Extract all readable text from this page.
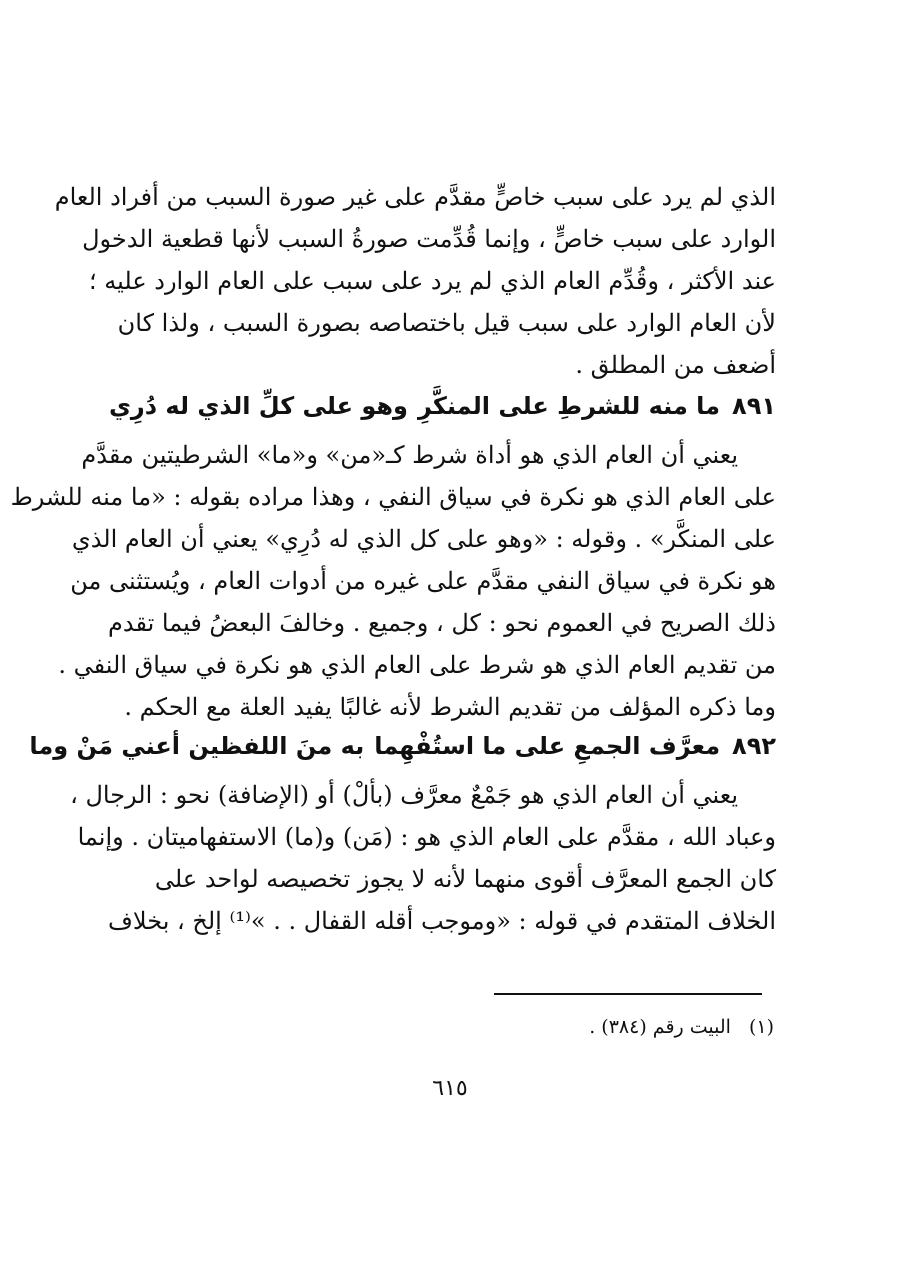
الذي لم يرد على سبب خاصٍّ مقدَّم على غير صورة السبب من أفراد العام
الوارد على سبب خاصٍّ ، وإنما قُدِّمت صورةُ السبب لأنها قطعية الدخول
عند الأكثر ، وقُدِّم العام الذي لم يرد على سبب على العام الوارد عليه ؛
لأن العام الوارد على سبب قيل باختصاصه بصورة السبب ، ولذا كان
أضعف من المطلق .
٨٩١
ما منه للشرطِ على المنكَّرِ
وهو على كلِّ الذي له دُرِي
يعني أن العام الذي هو أداة شرط كـ«من» و«ما» الشرطيتين مقدَّم
على العام الذي هو نكرة في سياق النفي ، وهذا مراده بقوله : «ما منه للشرط
على المنكَّر» . وقوله : «وهو على كل الذي له دُرِي» يعني أن العام الذي
هو نكرة في سياق النفي مقدَّم على غيره من أدوات العام ، ويُستثنى من
ذلك الصريح في العموم نحو : كل ، وجميع . وخالفَ البعضُ فيما تقدم
من تقديم العام الذي هو شرط على العام الذي هو نكرة في سياق النفي .
وما ذكره المؤلف من تقديم الشرط لأنه غالبًا يفيد العلة مع الحكم .
٨٩٢
معرَّف الجمعِ على ما استُفْهِما
به منَ اللفظين أعني مَنْ وما
يعني أن العام الذي هو جَمْعٌ معرَّف (بألْ) أو (الإضافة) نحو : الرجال ،
وعباد الله ، مقدَّم على العام الذي هو : (مَن) و(ما) الاستفهاميتان . وإنما
كان الجمع المعرَّف أقوى منهما لأنه لا يجوز تخصيصه لواحد على
الخلاف المتقدم في قوله : «وموجب أقله القفال . . »⁽¹⁾ إلخ ، بخلاف
(١)البيت رقم (٣٨٤) .
٦١٥
